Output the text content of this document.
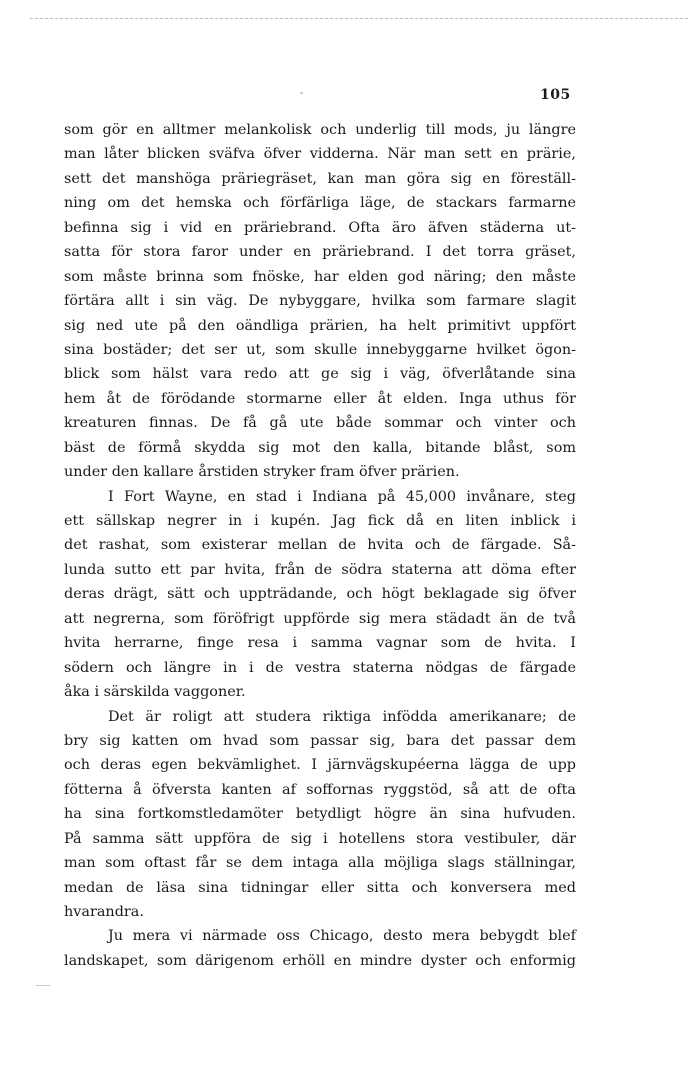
-	105
som gör en alltmer melankolisk och underlig till mods, ju längre
man låter blicken sväfva öfver vidderna. När man sett en prärie,
sett det manshöga präriegräset, kan man göra sig en föreställ-
ning om det hemska och förfärliga läge, de stackars farmarne
befinna sig i vid en präriebrand. Ofta äro äfven städerna ut-
satta för stora faror under en präriebrand. I det torra gräset,
som måste brinna som fnöske, har elden god näring; den måste
förtära allt i sin väg. De nybyggare, hvilka som farmare slagit
sig ned ute på den oändliga prärien, ha helt primitivt uppfört
sina bostäder; det ser ut, som skulle innebyggarne hvilket ögon-
blick som hälst vara redo att ge sig i väg, öfverlåtande sina
hem åt de förödande stormarne eller åt elden. Inga uthus för
kreaturen finnas. De få gå ute både sommar och vinter och
bäst de förmå skydda sig mot den kalla, bitande blåst, som
under den kallare årstiden stryker fram öfver prärien.
I Fort Wayne, en stad i Indiana på 45,000 invånare, steg
ett sällskap negrer in i kupén. Jag fick då en liten inblick i
det rashat, som existerar mellan de hvita och de färgade. Så-
lunda sutto ett par hvita, från de södra staterna att döma efter
deras drägt, sätt och uppträdande, och högt beklagade sig öfver
att negrerna, som föröfrigt uppförde sig mera städadt än de två
hvita herrarne, finge resa i samma vagnar som de hvita. I
södern och längre in i de vestra staterna nödgas de färgade
åka i särskilda vaggoner.
Det är roligt att studera riktiga infödda amerikanare; de
bry sig katten om hvad som passar sig, bara det passar dem
och deras egen bekvämlighet. I järnvägskupéerna lägga de upp
fötterna å öfversta kanten af soffornas ryggstöd, så att de ofta
ha sina fortkomstledamöter betydligt högre än sina hufvuden.
På samma sätt uppföra de sig i hotellens stora vestibuler, där
man som oftast får se dem intaga alla möjliga slags ställningar,
medan de läsa sina tidningar eller sitta och konversera med
hvarandra.
Ju mera vi närmade oss Chicago, desto mera bebygdt blef
landskapet, som därigenom erhöll en mindre dyster och enformig
